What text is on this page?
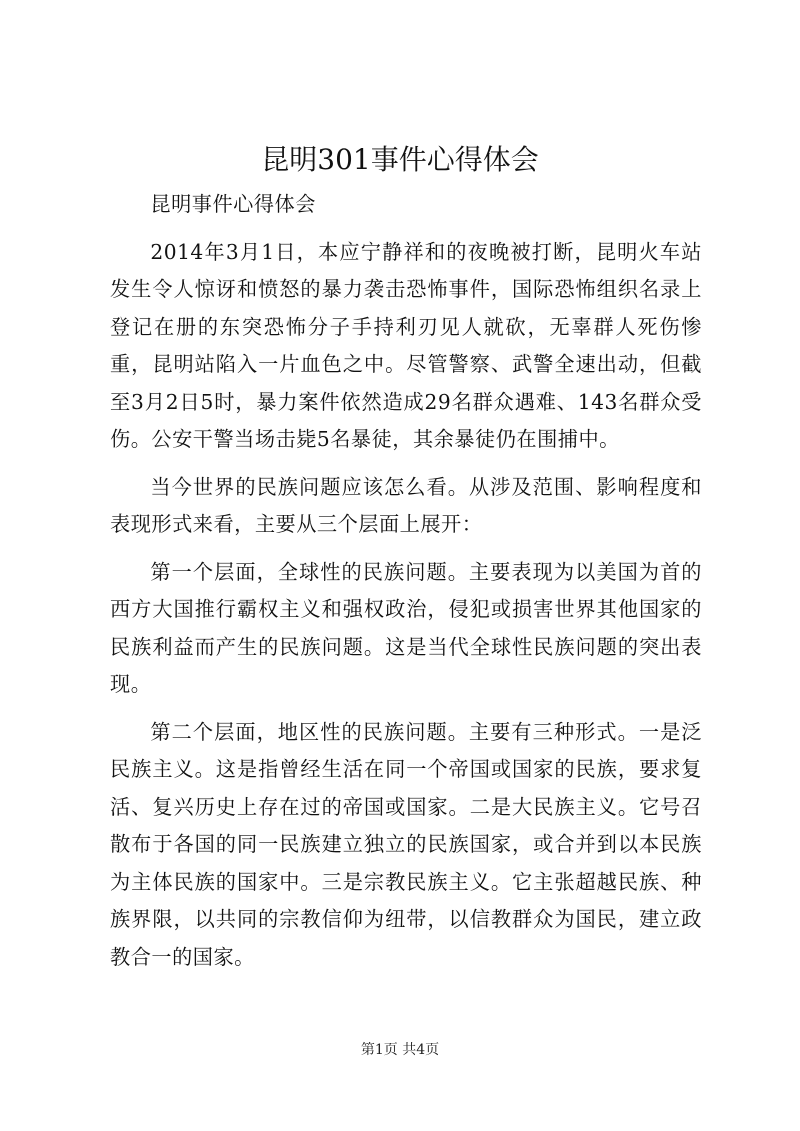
昆明301事件心得体会

昆明事件心得体会

2014年3月1日，本应宁静祥和的夜晚被打断，昆明火车站发生令人惊讶和愤怒的暴力袭击恐怖事件，国际恐怖组织名录上登记在册的东突恐怖分子手持利刃见人就砍，无辜群人死伤惨重，昆明站陷入一片血色之中。尽管警察、武警全速出动，但截至3月2日5时，暴力案件依然造成29名群众遇难、143名群众受伤。公安干警当场击毙5名暴徒，其余暴徒仍在围捕中。

当今世界的民族问题应该怎么看。从涉及范围、影响程度和表现形式来看，主要从三个层面上展开：

第一个层面，全球性的民族问题。主要表现为以美国为首的西方大国推行霸权主义和强权政治，侵犯或损害世界其他国家的民族利益而产生的民族问题。这是当代全球性民族问题的突出表现。

第二个层面，地区性的民族问题。主要有三种形式。一是泛民族主义。这是指曾经生活在同一个帝国或国家的民族，要求复活、复兴历史上存在过的帝国或国家。二是大民族主义。它号召散布于各国的同一民族建立独立的民族国家，或合并到以本民族为主体民族的国家中。三是宗教民族主义。它主张超越民族、种族界限，以共同的宗教信仰为纽带，以信教群众为国民，建立政教合一的国家。

第1页 共4页
